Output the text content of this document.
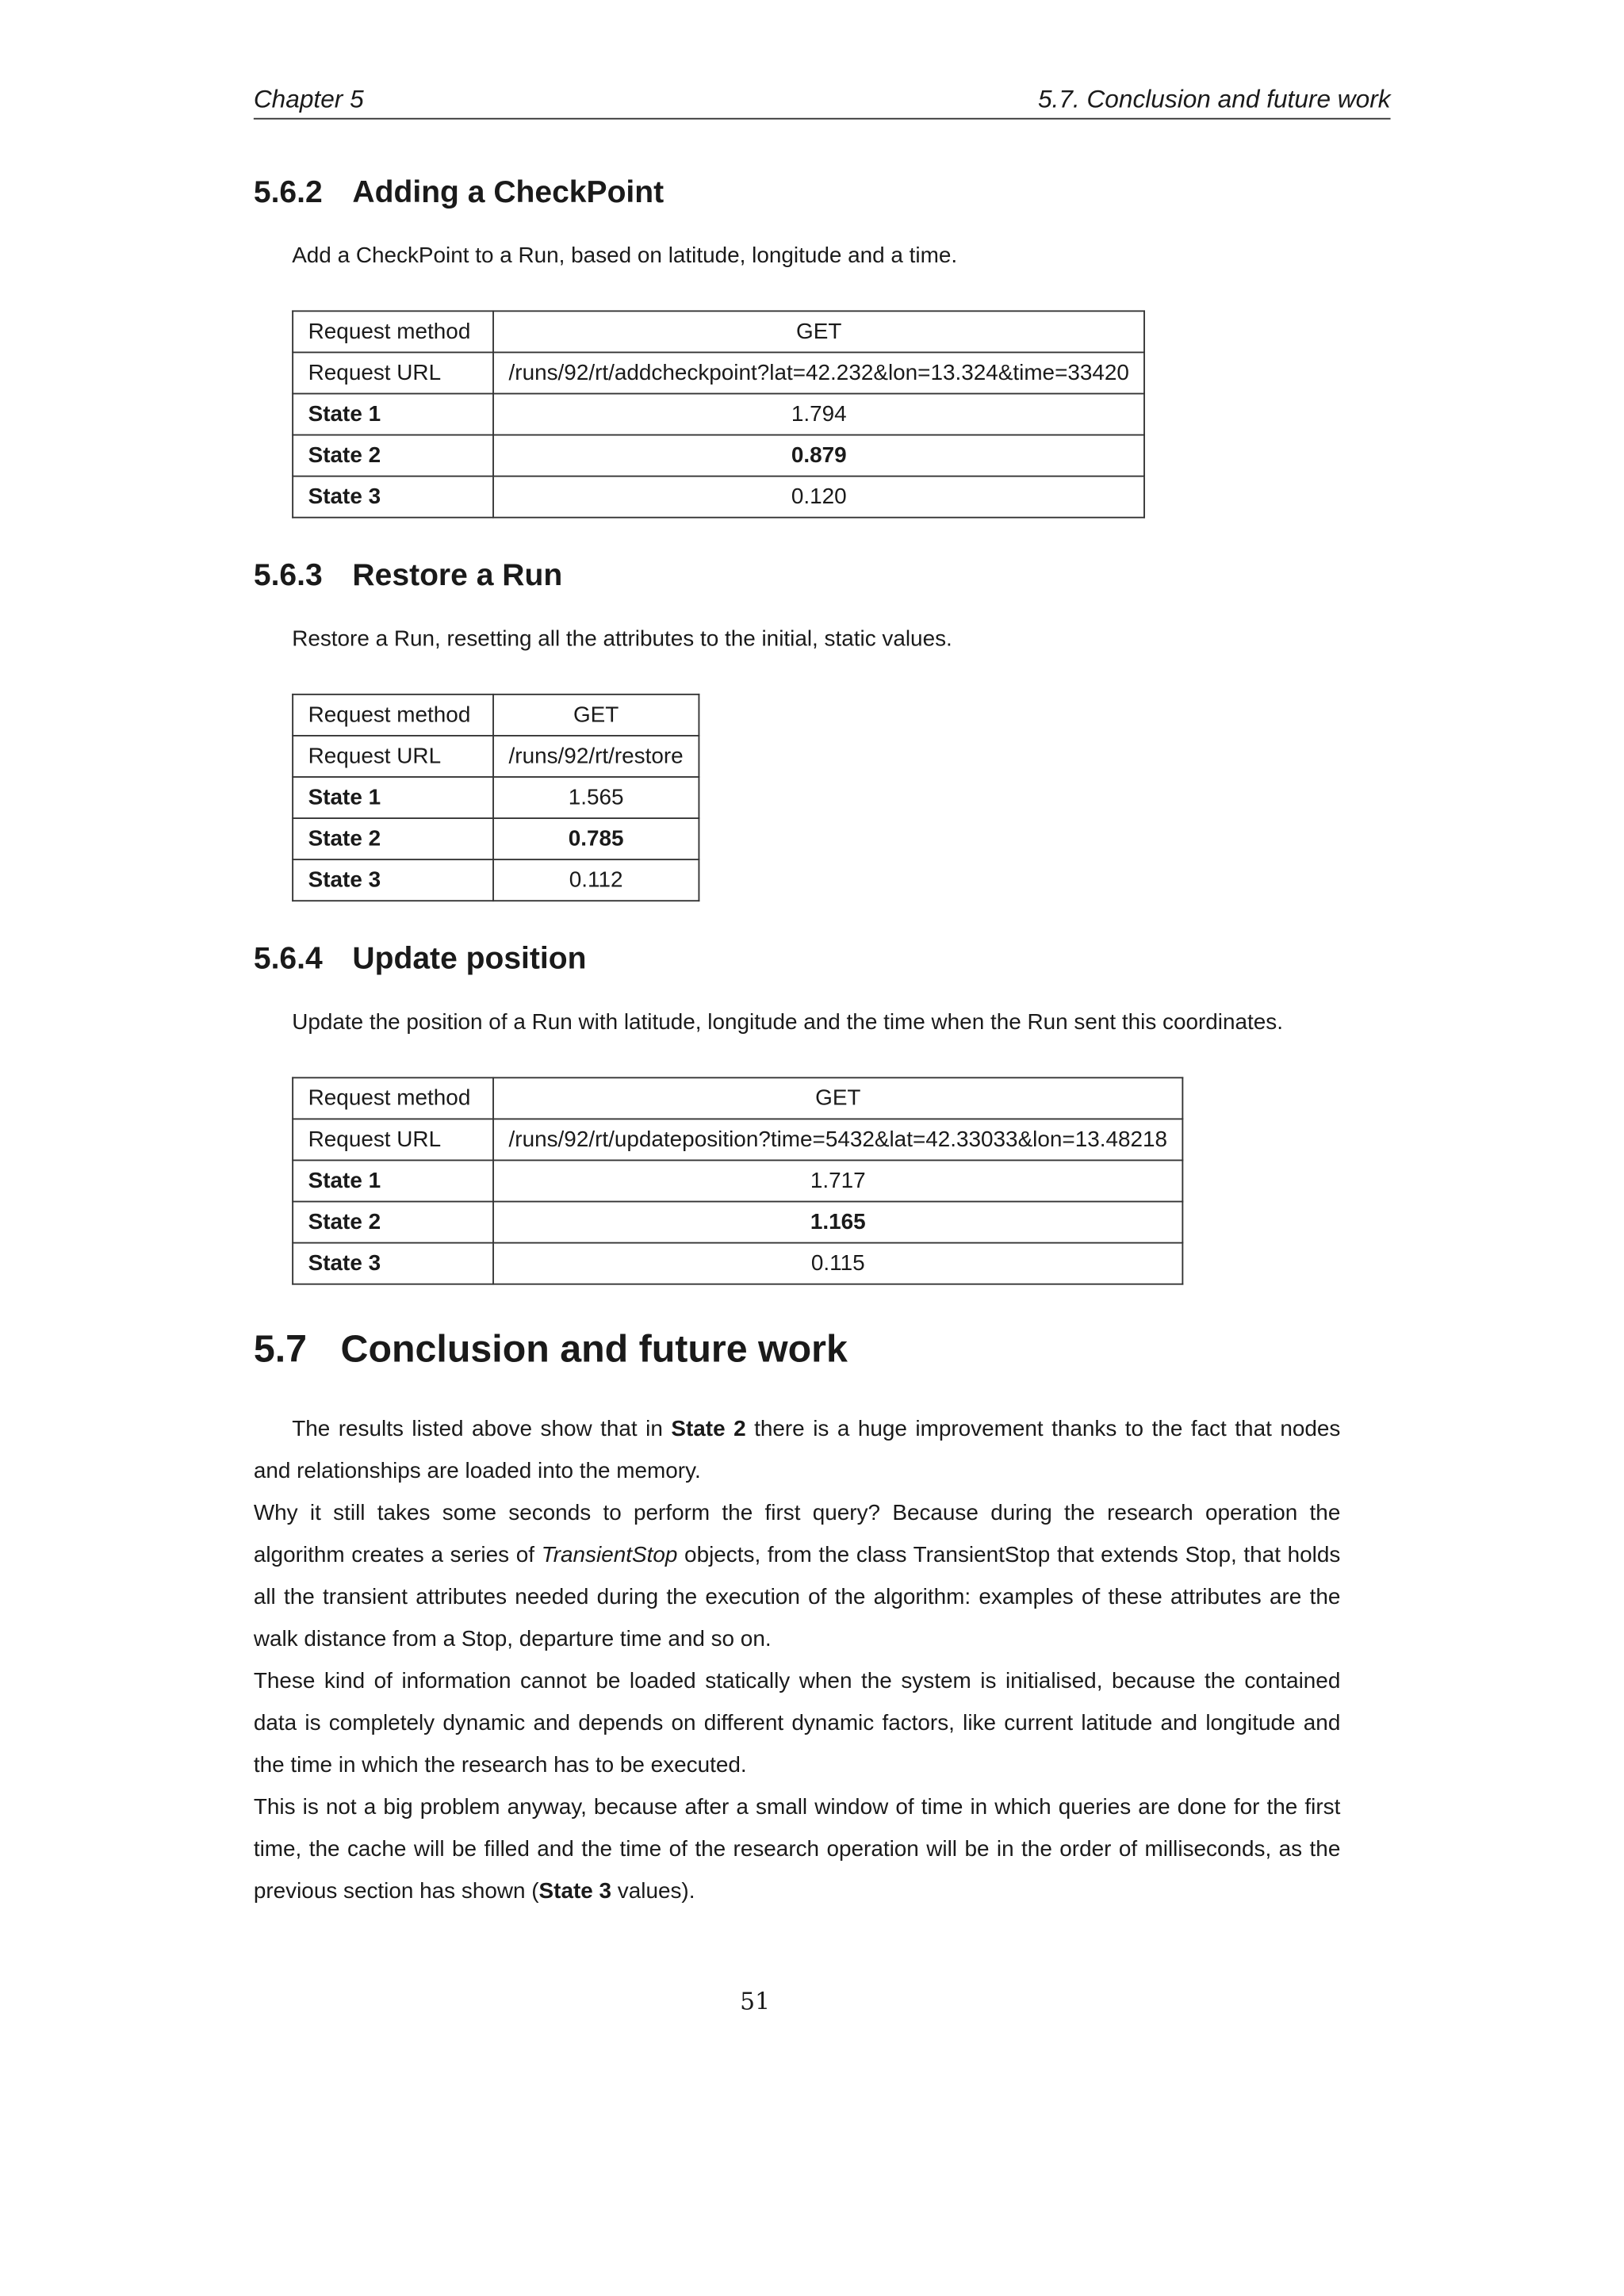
Chapter 5	5.7. Conclusion and future work
5.6.2 Adding a CheckPoint
Add a CheckPoint to a Run, based on latitude, longitude and a time.
Request method	GET
Request URL	/runs/92/rt/addcheckpoint?lat=42.232&lon=13.324&time=33420
State 1	1.794
State 2	0.879
State 3	0.120
5.6.3 Restore a Run
Restore a Run, resetting all the attributes to the initial, static values.
Request method	GET
Request URL	/runs/92/rt/restore
State 1	1.565
State 2	0.785
State 3	0.112
5.6.4 Update position
Update the position of a Run with latitude, longitude and the time when the Run sent this coordinates.
Request method	GET
Request URL	/runs/92/rt/updateposition?time=5432&lat=42.33033&lon=13.48218
State 1	1.717
State 2	1.165
State 3	0.115
5.7 Conclusion and future work

The results listed above show that in State 2 there is a huge improvement thanks to the fact that nodes and relationships are loaded into the memory.

Why it still takes some seconds to perform the first query? Because during the research operation the algorithm creates a series of TransientStop objects, from the class TransientStop that extends Stop, that holds all the transient attributes needed during the execution of the algorithm: examples of these attributes are the walk distance from a Stop, departure time and so on.

These kind of information cannot be loaded statically when the system is initialised, because the contained data is completely dynamic and depends on different dynamic factors, like current latitude and longitude and the time in which the research has to be executed.

This is not a big problem anyway, because after a small window of time in which queries are done for the first time, the cache will be filled and the time of the research operation will be in the order of milliseconds, as the previous section has shown (State 3 values).

51
